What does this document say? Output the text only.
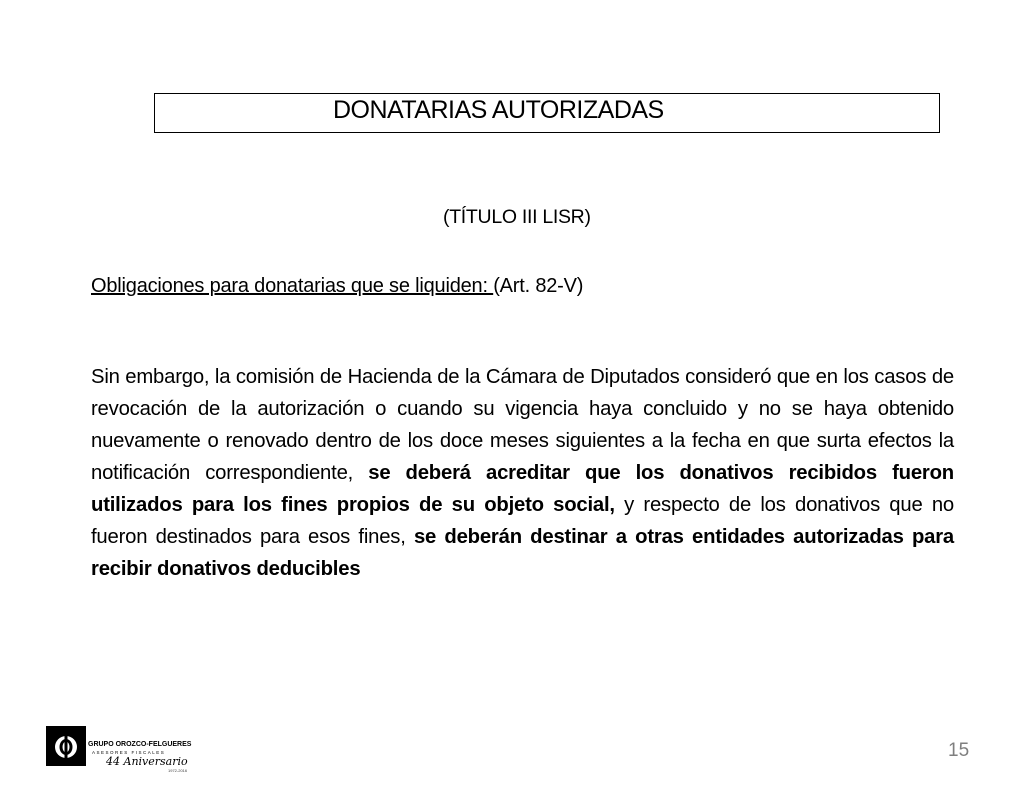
DONATARIAS AUTORIZADAS
(TÍTULO III LISR)
Obligaciones para donatarias que se liquiden: (Art. 82-V)
Sin embargo, la comisión de Hacienda de la Cámara de Diputados consideró que en los casos de revocación de la autorización o cuando su vigencia haya concluido y no se haya obtenido nuevamente o renovado dentro de los doce meses siguientes a la fecha en que surta efectos la notificación correspondiente, se deberá acreditar que los donativos recibidos fueron utilizados para los fines propios de su objeto social, y respecto de los donativos que no fueron destinados para esos fines, se deberán destinar a otras entidades autorizadas para recibir donativos deducibles
GRUPO OROZCO-FELGUERES
ASESORES FISCALES
44 Aniversario
1972-2016
15
